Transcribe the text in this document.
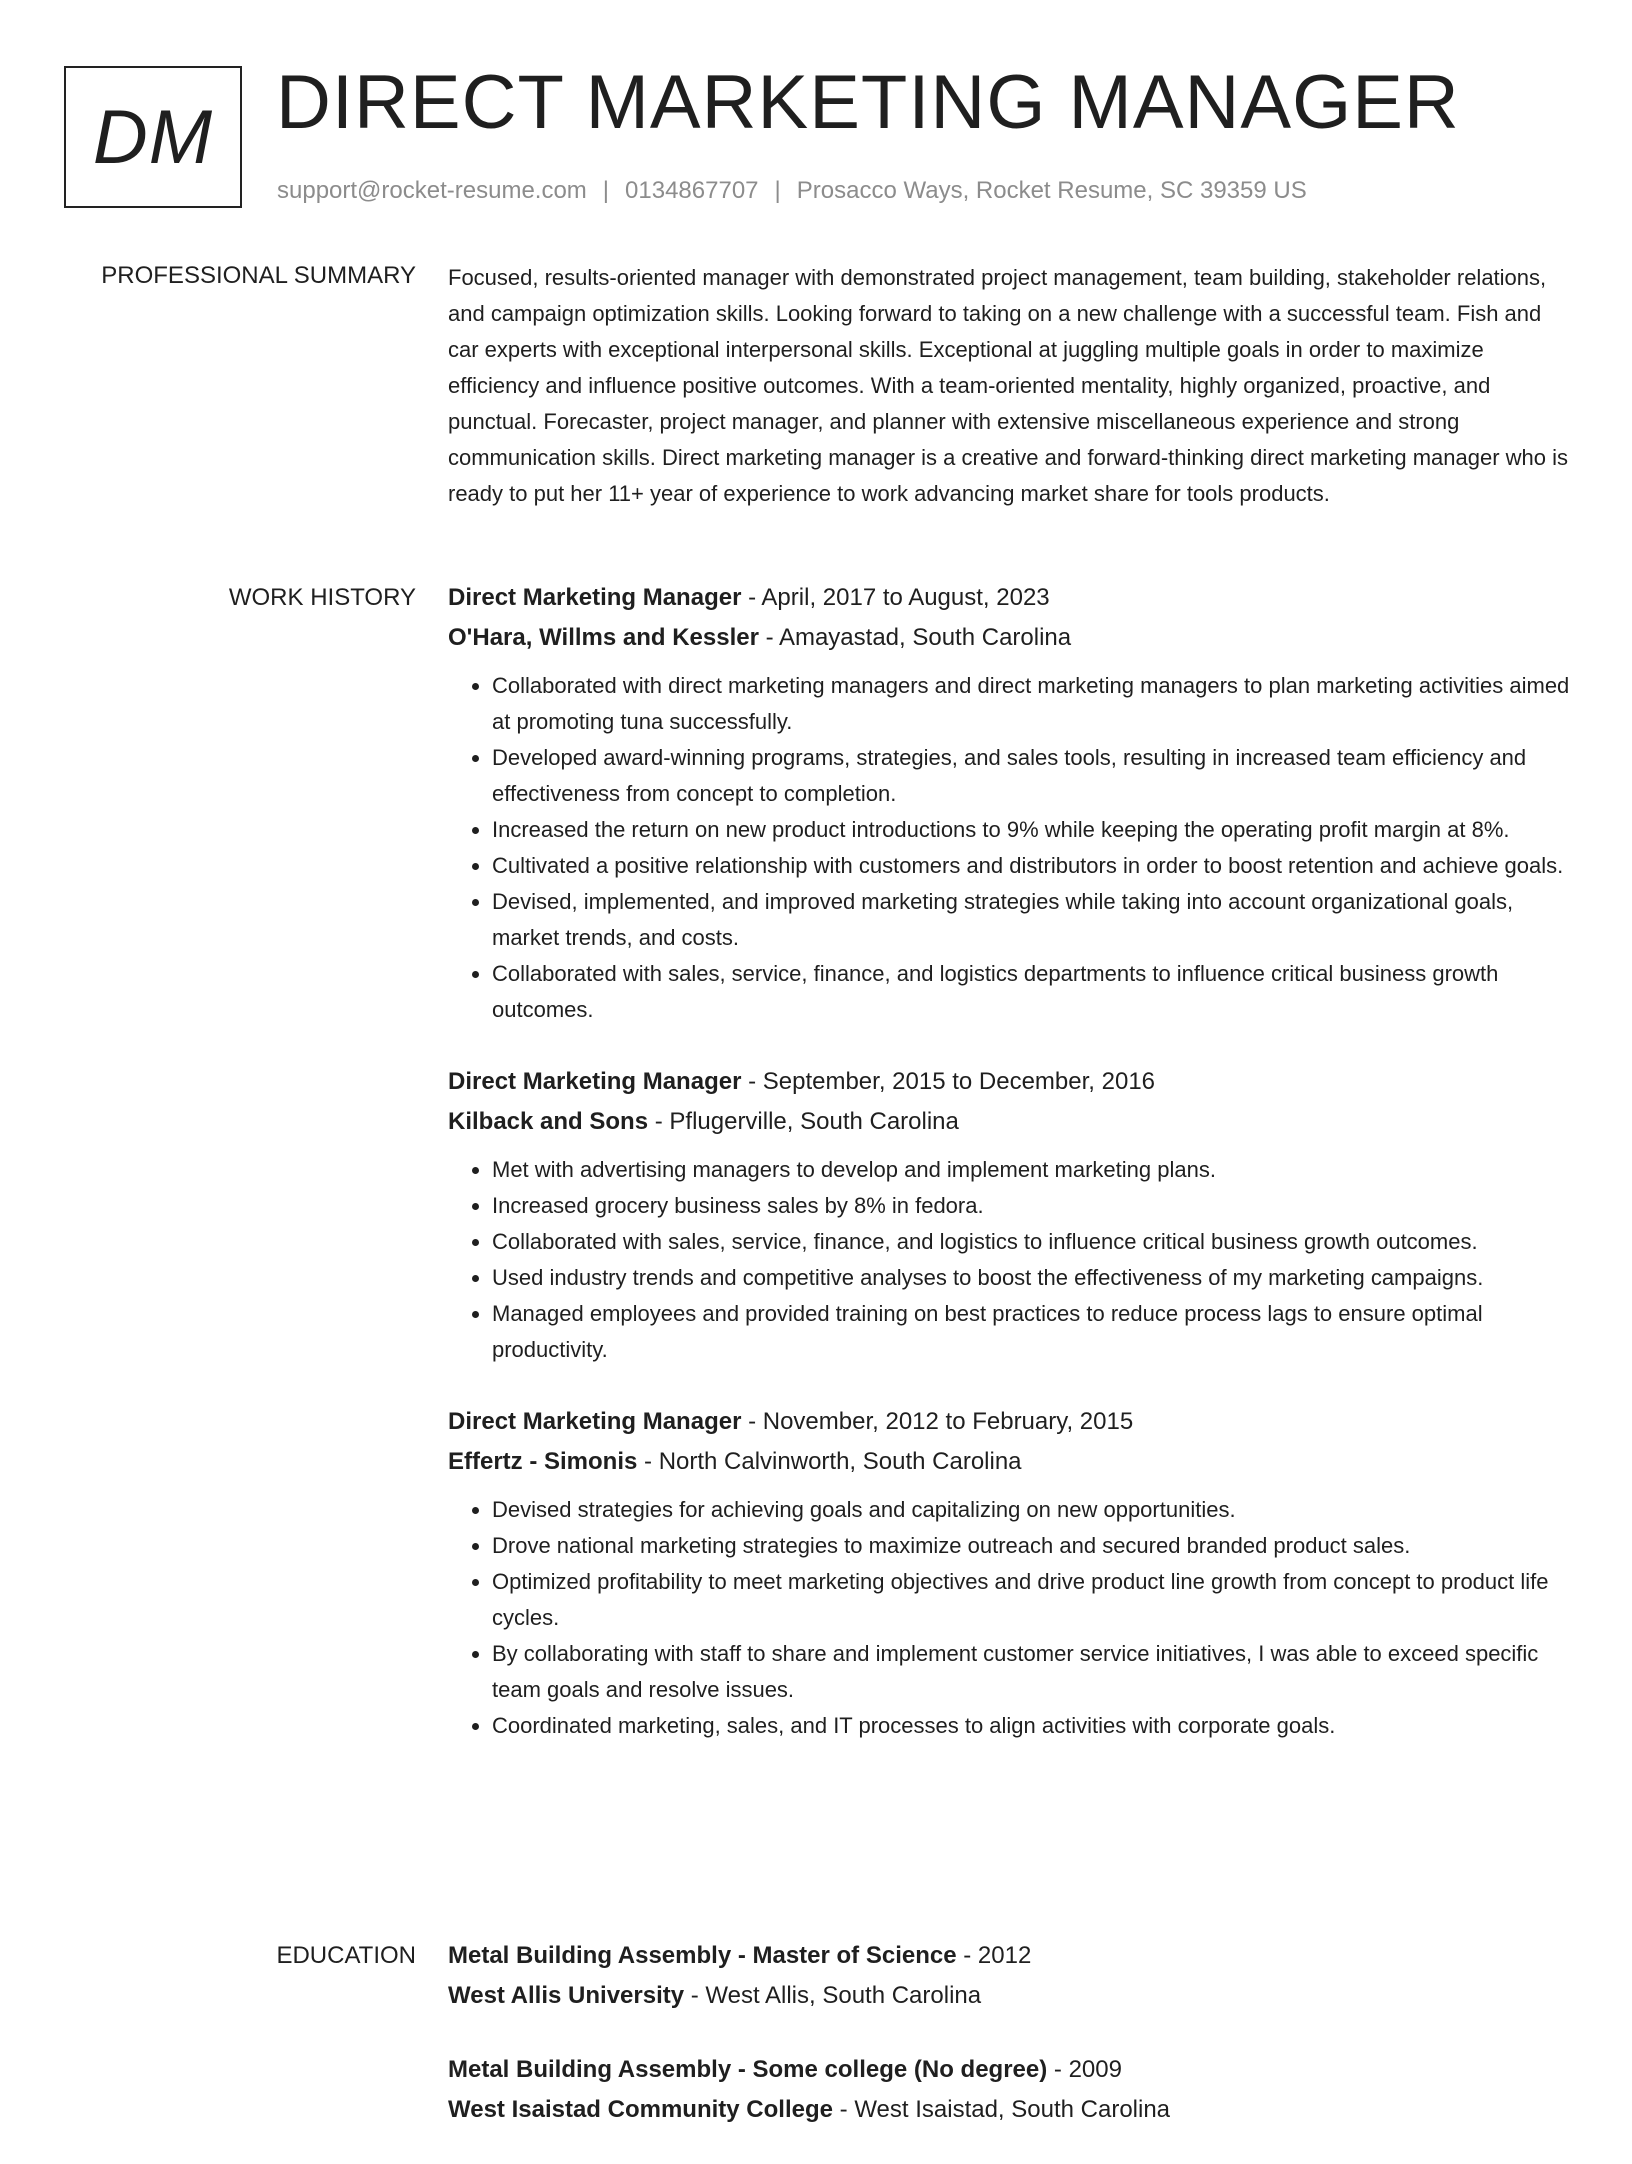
DM DIRECT MARKETING MANAGER
support@rocket-resume.com | 0134867707 | Prosacco Ways, Rocket Resume, SC 39359 US
PROFESSIONAL SUMMARY Focused, results-oriented manager with demonstrated project management, team building, stakeholder relations, and campaign optimization skills. Looking forward to taking on a new challenge with a successful team. Fish and car experts with exceptional interpersonal skills. Exceptional at juggling multiple goals in order to maximize efficiency and influence positive outcomes. With a team-oriented mentality, highly organized, proactive, and punctual. Forecaster, project manager, and planner with extensive miscellaneous experience and strong communication skills. Direct marketing manager is a creative and forward-thinking direct marketing manager who is ready to put her 11+ year of experience to work advancing market share for tools products.

WORK HISTORY Direct Marketing Manager - April, 2017 to August, 2023
O'Hara, Willms and Kessler - Amayastad, South Carolina
• Collaborated with direct marketing managers and direct marketing managers to plan marketing activities aimed at promoting tuna successfully.
• Developed award-winning programs, strategies, and sales tools, resulting in increased team efficiency and effectiveness from concept to completion.
• Increased the return on new product introductions to 9% while keeping the operating profit margin at 8%.
• Cultivated a positive relationship with customers and distributors in order to boost retention and achieve goals.
• Devised, implemented, and improved marketing strategies while taking into account organizational goals, market trends, and costs.
• Collaborated with sales, service, finance, and logistics departments to influence critical business growth outcomes.
Direct Marketing Manager - September, 2015 to December, 2016
Kilback and Sons - Pflugerville, South Carolina
• Met with advertising managers to develop and implement marketing plans.
• Increased grocery business sales by 8% in fedora.
• Collaborated with sales, service, finance, and logistics to influence critical business growth outcomes.
• Used industry trends and competitive analyses to boost the effectiveness of my marketing campaigns.
• Managed employees and provided training on best practices to reduce process lags to ensure optimal productivity.
Direct Marketing Manager - November, 2012 to February, 2015
Effertz - Simonis - North Calvinworth, South Carolina
• Devised strategies for achieving goals and capitalizing on new opportunities.
• Drove national marketing strategies to maximize outreach and secured branded product sales.
• Optimized profitability to meet marketing objectives and drive product line growth from concept to product life cycles.
• By collaborating with staff to share and implement customer service initiatives, I was able to exceed specific team goals and resolve issues.
• Coordinated marketing, sales, and IT processes to align activities with corporate goals.
EDUCATION Metal Building Assembly - Master of Science - 2012
West Allis University - West Allis, South Carolina
Metal Building Assembly - Some college (No degree) - 2009
West Isaistad Community College - West Isaistad, South Carolina
